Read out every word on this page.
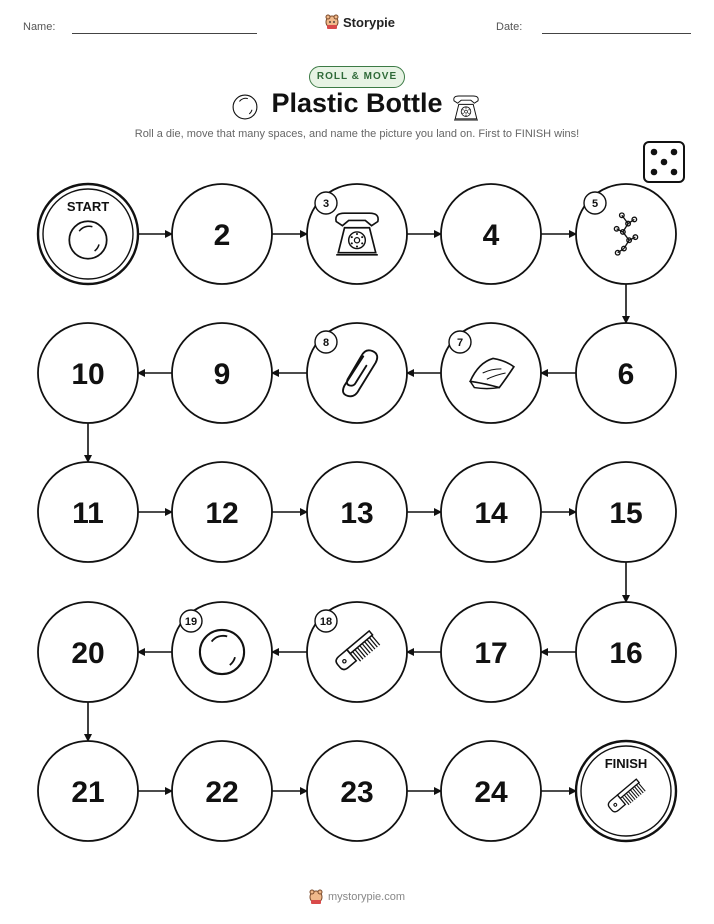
Name:	Storypie	Date:
ROLL & MOVE
Plastic Bottle
Roll a die, move that many spaces, and name the picture you land on. First to FINISH wins!
START
2
3
4
5
6
7
8
9
10
11	12	13	14	15
16
17
18
19
20
21	22	23	24
FINISH
mystorypie.com
